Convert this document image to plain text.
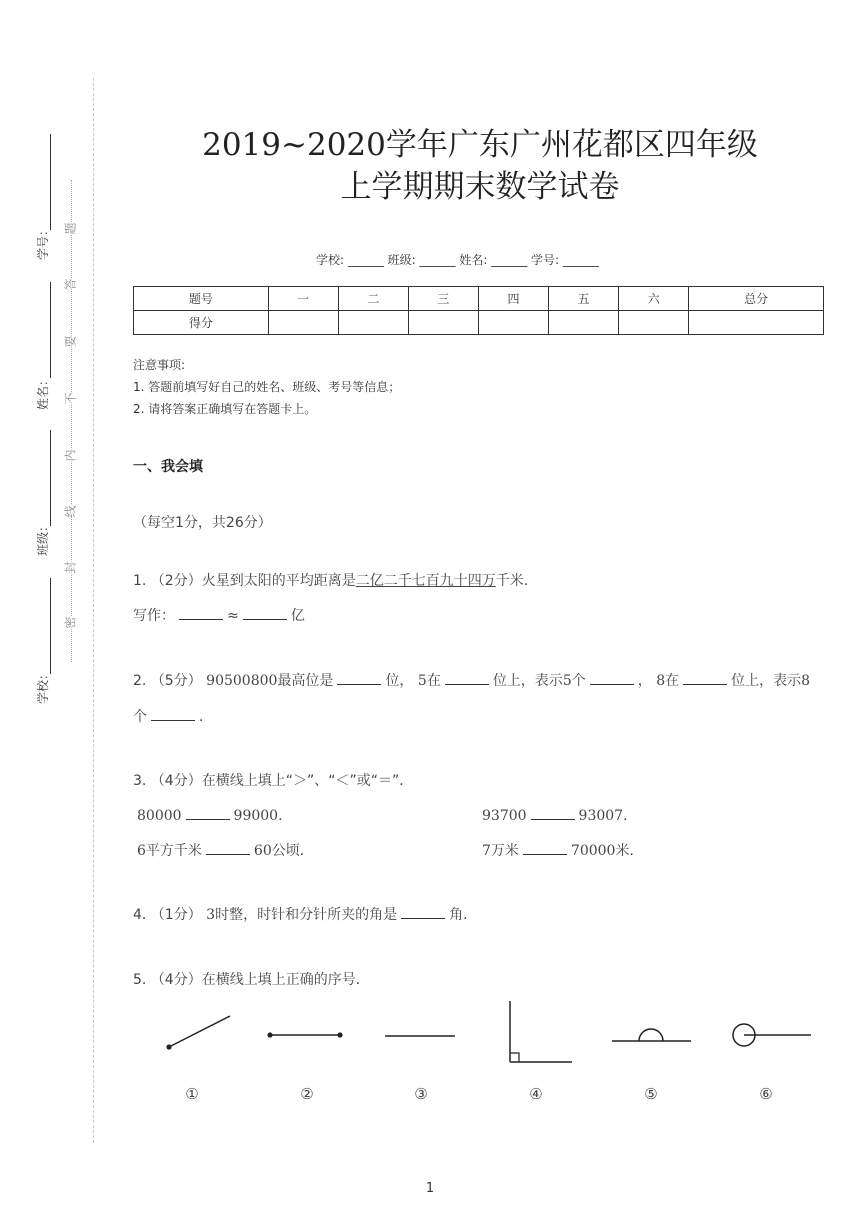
学号：
姓名：
班级：
学校：
题
答
要
不
内
线
封
密
2019~2020学年广东广州花都区四年级
上学期期末数学试卷
学校: ______ 班级: ______ 姓名: ______ 学号: ______
题号	一	二	三	四	五	六	总分
得分							
注意事项:
1. 答题前填写好自己的姓名、班级、考号等信息；
2. 请将答案正确填写在答题卡上。
一、我会填
（每空1分，共26分）
1. （2分）火星到太阳的平均距离是二亿二千七百九十四万千米．
写作：	≈	亿
2. （5分） 90500800最高位是	位， 5在	位上，表示5个	， 8在	位上，表示8
个	．
3. （4分）在横线上填上“＞”、“＜”或“＝”．
80000	99000．	93700	93007．
6平方千米	60公顷．	7万米	70000米．
4. （1分） 3时整，时针和分针所夹的角是	角．
5. （4分）在横线上填上正确的序号．
①	②	③	④	⑤	⑥
1
